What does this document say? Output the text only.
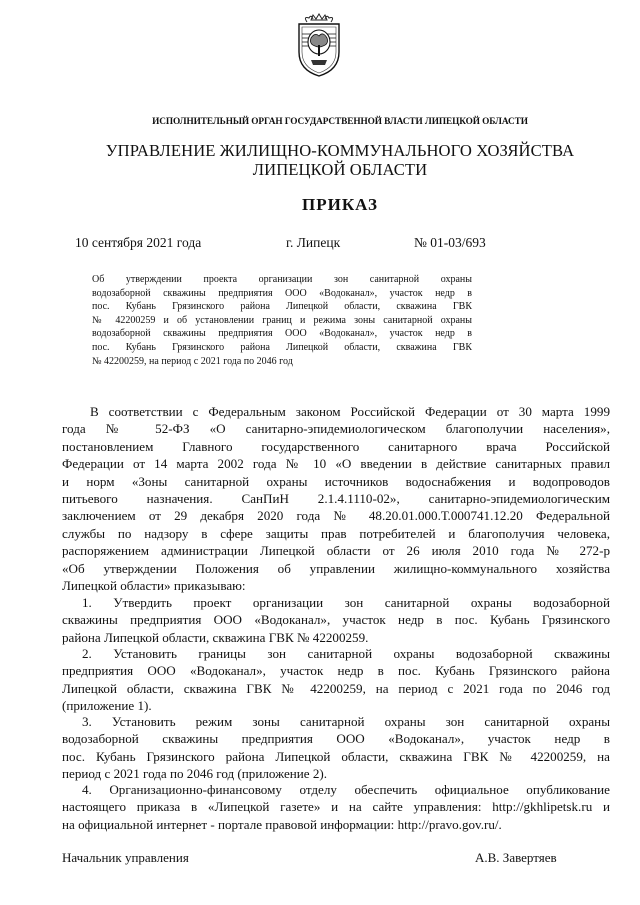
ИСПОЛНИТЕЛЬНЫЙ ОРГАН ГОСУДАРСТВЕННОЙ ВЛАСТИ ЛИПЕЦКОЙ ОБЛАСТИ
УПРАВЛЕНИЕ ЖИЛИЩНО-КОММУНАЛЬНОГО ХОЗЯЙСТВА
ЛИПЕЦКОЙ ОБЛАСТИ
ПРИКАЗ
10 сентября 2021 года	г. Липецк	№ 01-03/693
Об утверждении проекта организации зон санитарной охраны
водозаборной скважины предприятия ООО «Водоканал», участок недр в
пос. Кубань Грязинского района Липецкой области, скважина ГВК
№ 42200259 и об установлении границ и режима зоны санитарной охраны
водозаборной скважины предприятия ООО «Водоканал», участок недр в
пос. Кубань Грязинского района Липецкой области, скважина ГВК
№ 42200259, на период с 2021 года по 2046 год
В соответствии с Федеральным законом Российской Федерации от 30 марта 1999
года № 52-ФЗ «О санитарно-эпидемиологическом благополучии населения»,
постановлением Главного государственного санитарного врача Российской
Федерации от 14 марта 2002 года № 10 «О введении в действие санитарных правил
и норм «Зоны санитарной охраны источников водоснабжения и водопроводов
питьевого назначения. СанПиН 2.1.4.1110-02», санитарно-эпидемиологическим
заключением от 29 декабря 2020 года № 48.20.01.000.Т.000741.12.20 Федеральной
службы по надзору в сфере защиты прав потребителей и благополучия человека,
распоряжением администрации Липецкой области от 26 июля 2010 года № 272-р
«Об утверждении Положения об управлении жилищно-коммунального хозяйства
Липецкой области» приказываю:
1. Утвердить проект организации зон санитарной охраны водозаборной
скважины предприятия ООО «Водоканал», участок недр в пос. Кубань Грязинского
района Липецкой области, скважина ГВК № 42200259.
2. Установить границы зон санитарной охраны водозаборной скважины
предприятия ООО «Водоканал», участок недр в пос. Кубань Грязинского района
Липецкой области, скважина ГВК № 42200259, на период с 2021 года по 2046 год
(приложение 1).
3. Установить режим зоны санитарной охраны зон санитарной охраны
водозаборной скважины предприятия ООО «Водоканал», участок недр в
пос. Кубань Грязинского района Липецкой области, скважина ГВК № 42200259, на
период с 2021 года по 2046 год (приложение 2).
4. Организационно-финансовому отделу обеспечить официальное опубликование
настоящего приказа в «Липецкой газете» и на сайте управления: http://gkhlipetsk.ru и
на официальной интернет - портале правовой информации: http://pravo.gov.ru/.
Начальник управления	А.В. Завертяев
